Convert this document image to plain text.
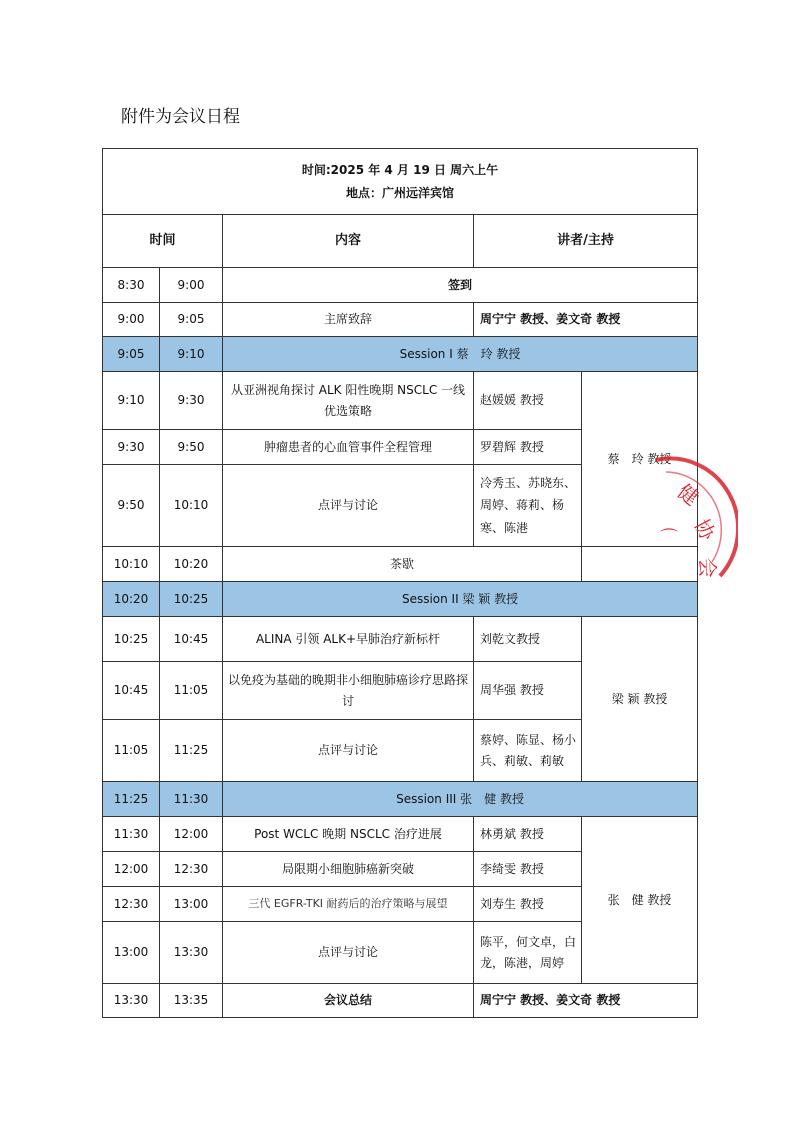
附件为会议日程
时间:2025 年 4 月 19 日 周六上午
地点：广州远洋宾馆				

时间		内容	讲者/主持	
8:30	9:00	签到		
9:00	9:05	主席致辞	周宁宁 教授、姜文奇 教授	
9:05	9:10	Session I 蔡　玲 教授		
9:10	9:30	从亚洲视角探讨 ALK 阳性晚期 NSCLC 一线优选策略	赵媛媛 教授	蔡　玲 教授
9:30	9:50	肿瘤患者的心血管事件全程管理	罗碧辉 教授	
9:50	10:10	点评与讨论	冷秀玉、苏晓东、周婷、蒋莉、杨寒、陈港	
10:10	10:20	茶歇		
10:20	10:25	Session II 梁 颖 教授		
10:25	10:45	ALINA 引领 ALK+早肺治疗新标杆	刘乾文教授	梁 颖 教授
10:45	11:05	以免疫为基础的晚期非小细胞肺癌诊疗思路探讨	周华强 教授	
11:05	11:25	点评与讨论	蔡婷、陈显、杨小兵、莉敏、莉敏	
11:25	11:30	Session III 张　健 教授		
11:30	12:00	Post WCLC 晚期 NSCLC 治疗进展	林勇斌 教授	张　健 教授
12:00	12:30	局限期小细胞肺癌新突破	李绮雯 教授	
12:30	13:00	三代 EGFR-TKI 耐药后的治疗策略与展望	刘寿生 教授	
13:00	13:30	点评与讨论	陈平，何文卓，白龙，陈港，周婷	
13:30	13:35	会议总结	周宁宁 教授、姜文奇 教授	
健
协
会
⌒
